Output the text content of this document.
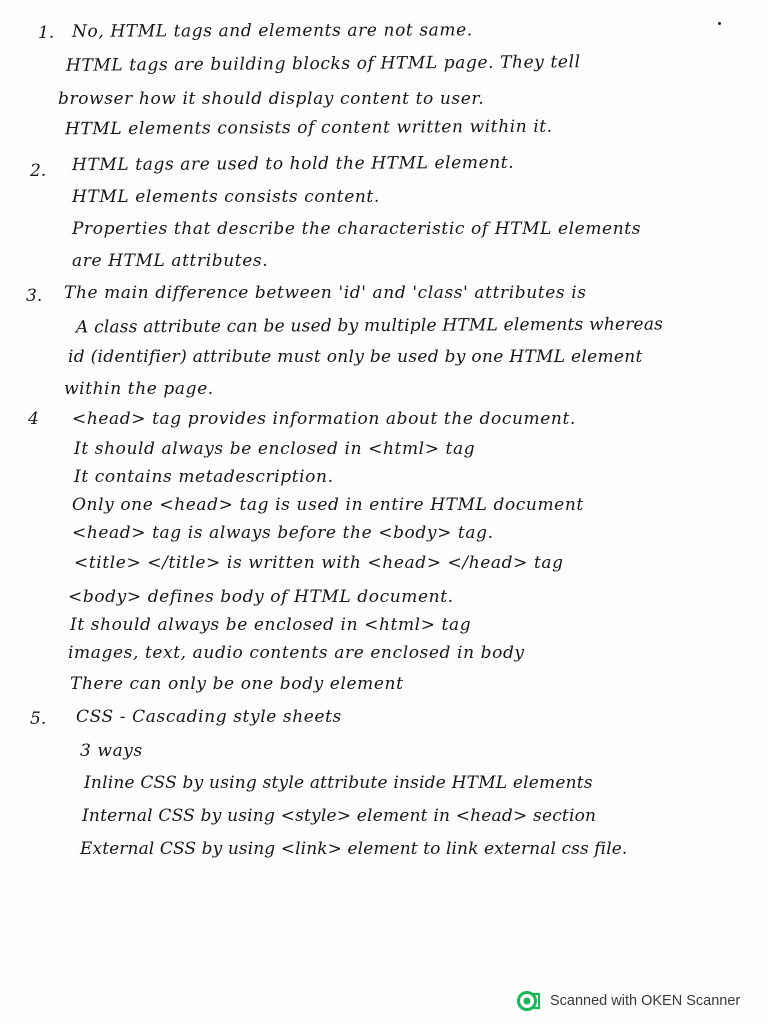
1. No, HTML tags and elements are not same.
HTML tags are building blocks of HTML page. They tell
browser how it should display content to user.
HTML elements consists of content written within it.
2. HTML tags are used to hold the HTML element.
HTML elements consists content.
Properties that describe the characteristic of HTML elements
are HTML attributes.
3. The main difference between 'id' and 'class' attributes is
A class attribute can be used by multiple HTML elements whereas
id (identifier) attribute must only be used by one HTML element
within the page.
4 <head> tag provides information about the document.
It should always be enclosed in <html> tag
It contains metadescription.
Only one <head> tag is used in entire HTML document
<head> tag is always before the <body> tag.
<title> </title> is written with <head> </head> tag
<body> defines body of HTML document.
It should always be enclosed in <html> tag
images, text, audio contents are enclosed in body
There can only be one body element
5. CSS - Cascading style sheets
3 ways
Inline CSS by using style attribute inside HTML elements
Internal CSS by using <style> element in <head> section
External CSS by using <link> element to link external css file.
Scanned with OKEN Scanner
